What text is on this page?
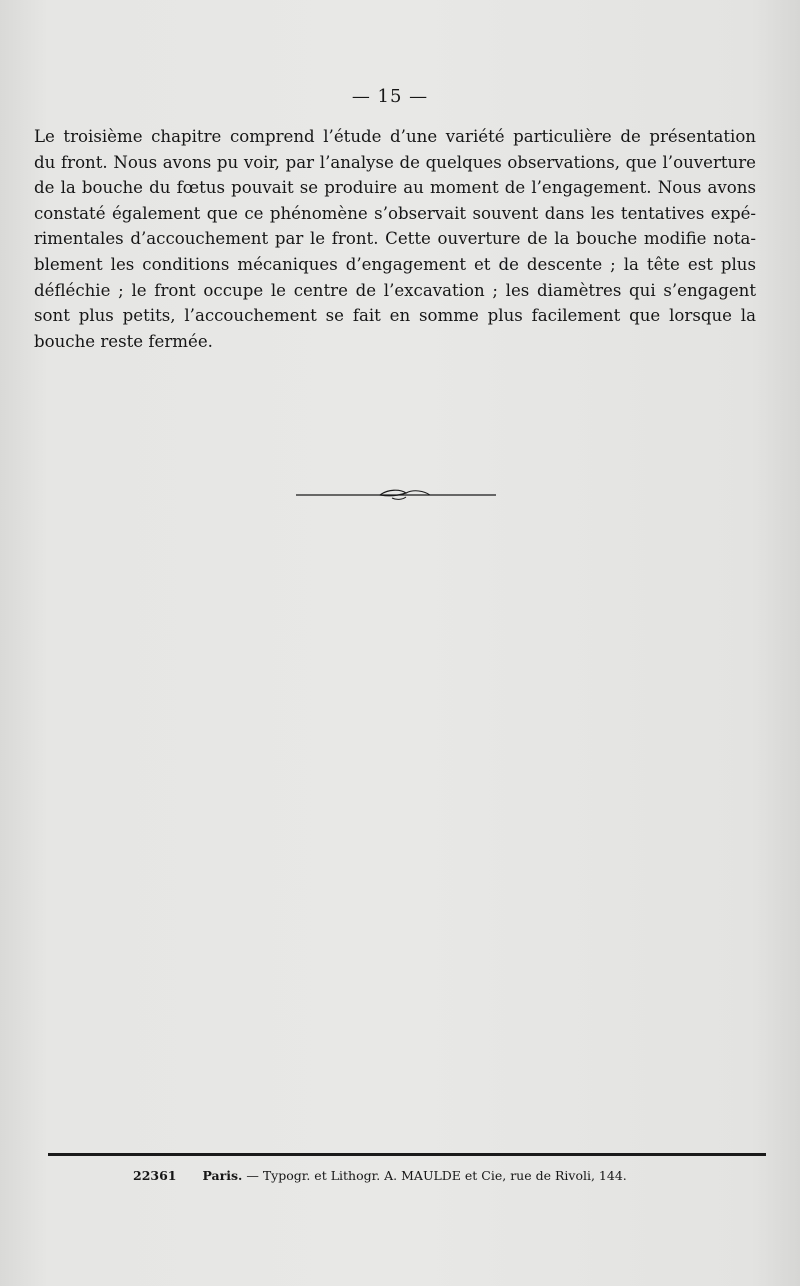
— 15 —
Le troisième chapitre comprend l’étude d’une variété particulière de présentation
du front. Nous avons pu voir, par l’analyse de quelques observations, que l’ouverture
de la bouche du fœtus pouvait se produire au moment de l’engagement. Nous avons
constaté également que ce phénomène s’observait souvent dans les tentatives expé-
rimentales d’accouchement par le front. Cette ouverture de la bouche modifie nota-
blement les conditions mécaniques d’engagement et de descente ; la tête est plus
défléchie ; le front occupe le centre de l’excavation ; les diamètres qui s’engagent
sont plus petits, l’accouchement se fait en somme plus facilement que lorsque la
bouche reste fermée.
22361 Paris. — Typogr. et Lithogr. A. MAULDE et Cie, rue de Rivoli, 144.
